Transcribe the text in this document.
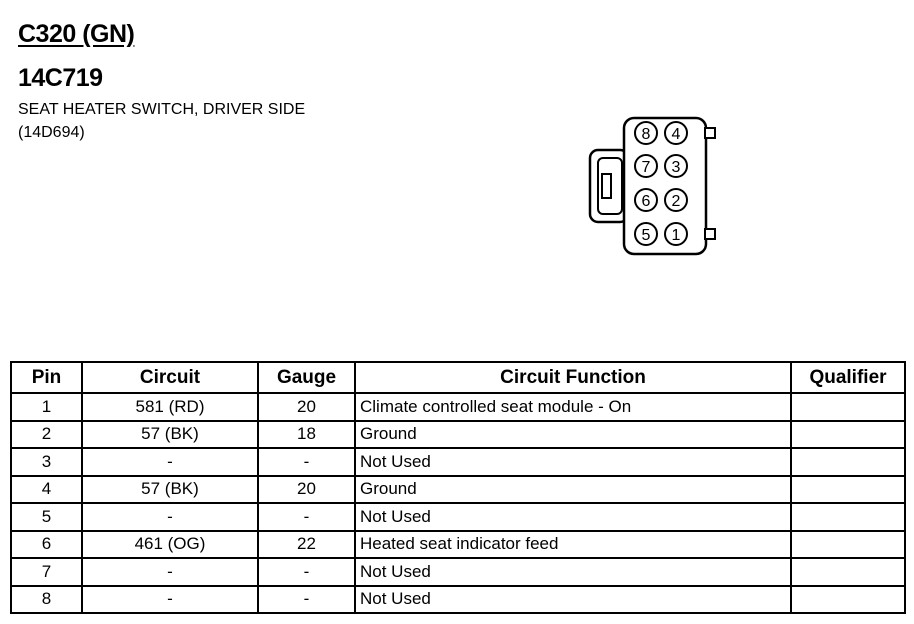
C320 (GN)
14C719
SEAT HEATER SWITCH, DRIVER SIDE
(14D694)	8 4
7 3
6 2
5 1
Pin	Circuit	Gauge	Circuit Function	Qualifier
1	581 (RD)	20	Climate controlled seat module - On	
2	57 (BK)	18	Ground	
3	-	-	Not Used	
4	57 (BK)	20	Ground	
5	-	-	Not Used	
6	461 (OG)	22	Heated seat indicator feed	
7	-	-	Not Used	
8	-	-	Not Used	
